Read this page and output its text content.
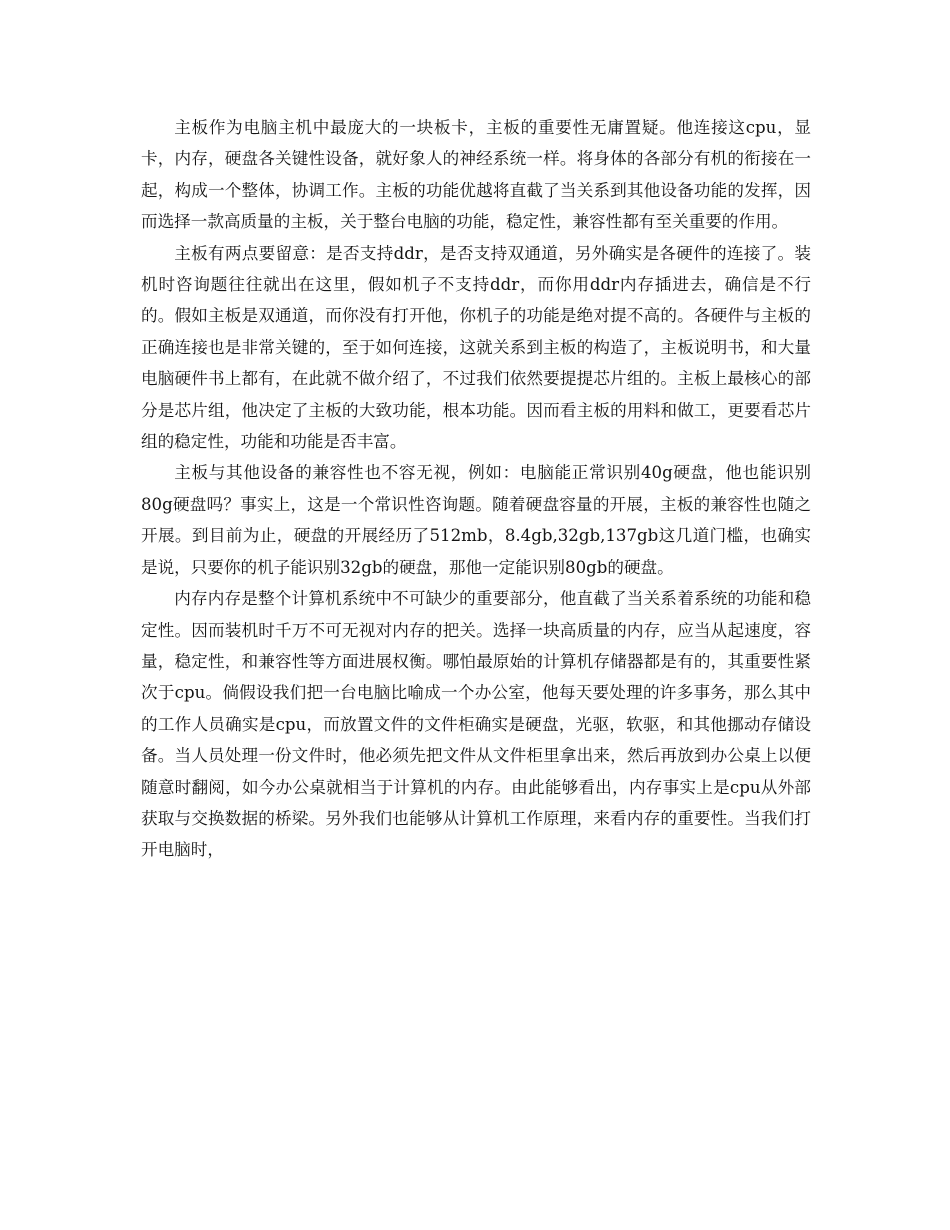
主板作为电脑主机中最庞大的一块板卡，主板的重要性无庸置疑。他连接这cpu，显卡，内存，硬盘各关键性设备，就好象人的神经系统一样。将身体的各部分有机的衔接在一起，构成一个整体，协调工作。主板的功能优越将直截了当关系到其他设备功能的发挥，因而选择一款高质量的主板，关于整台电脑的功能，稳定性，兼容性都有至关重要的作用。

主板有两点要留意：是否支持ddr，是否支持双通道，另外确实是各硬件的连接了。装机时咨询题往往就出在这里，假如机子不支持ddr，而你用ddr内存插进去，确信是不行的。假如主板是双通道，而你没有打开他，你机子的功能是绝对提不高的。各硬件与主板的正确连接也是非常关键的，至于如何连接，这就关系到主板的构造了，主板说明书，和大量电脑硬件书上都有，在此就不做介绍了，不过我们依然要提提芯片组的。主板上最核心的部分是芯片组，他决定了主板的大致功能，根本功能。因而看主板的用料和做工，更要看芯片组的稳定性，功能和功能是否丰富。

主板与其他设备的兼容性也不容无视，例如：电脑能正常识别40g硬盘，他也能识别80g硬盘吗？事实上，这是一个常识性咨询题。随着硬盘容量的开展，主板的兼容性也随之开展。到目前为止，硬盘的开展经历了512mb，8.4gb,32gb,137gb这几道门槛，也确实是说，只要你的机子能识别32gb的硬盘，那他一定能识别80gb的硬盘。

内存内存是整个计算机系统中不可缺少的重要部分，他直截了当关系着系统的功能和稳定性。因而装机时千万不可无视对内存的把关。选择一块高质量的内存，应当从起速度，容量，稳定性，和兼容性等方面进展权衡。哪怕最原始的计算机存储器都是有的，其重要性紧次于cpu。倘假设我们把一台电脑比喻成一个办公室，他每天要处理的许多事务，那么其中的工作人员确实是cpu，而放置文件的文件柜确实是硬盘，光驱，软驱，和其他挪动存储设备。当人员处理一份文件时，他必须先把文件从文件柜里拿出来，然后再放到办公桌上以便随意时翻阅，如今办公桌就相当于计算机的内存。由此能够看出，内存事实上是cpu从外部获取与交换数据的桥梁。另外我们也能够从计算机工作原理，来看内存的重要性。当我们打开电脑时，
